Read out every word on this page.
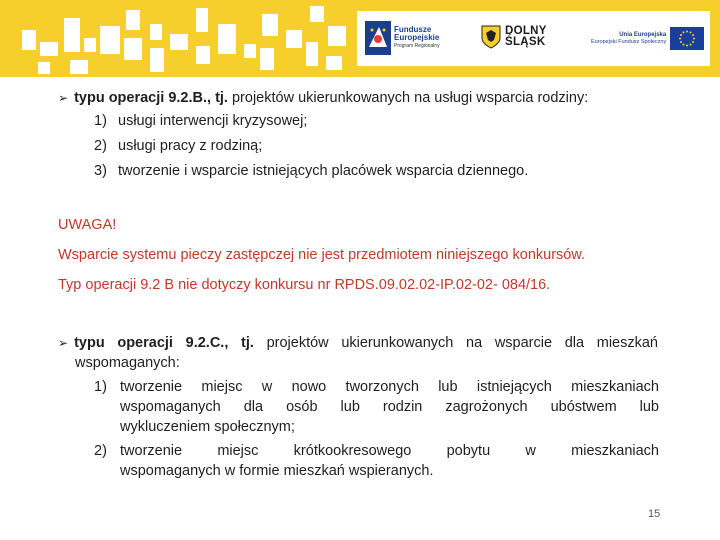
Fundusze
Europejskie
Program Regionalny
DOLNY
ŚLĄSK
Unia Europejska
Europejski Fundusz Społeczny
➢ typu operacji 9.2.B., tj. projektów ukierunkowanych na usługi wsparcia rodziny:
1) usługi interwencji kryzysowej;
2) usługi pracy z rodziną;
3) tworzenie i wsparcie istniejących placówek wsparcia dziennego.
UWAGA!
Wsparcie systemu pieczy zastępczej nie jest przedmiotem niniejszego konkursów.
Typ operacji 9.2 B nie dotyczy konkursu nr RPDS.09.02.02-IP.02-02- 084/16.
➢ typu operacji 9.2.C., tj. projektów ukierunkowanych na wsparcie dla mieszkań
wspomaganych:
1) tworzenie miejsc w nowo tworzonych lub istniejących mieszkaniach
wspomaganych dla osób lub rodzin zagrożonych ubóstwem lub
wykluczeniem społecznym;
2) tworzenie miejsc krótkookresowego pobytu w mieszkaniach
wspomaganych w formie mieszkań wspieranych.
15
